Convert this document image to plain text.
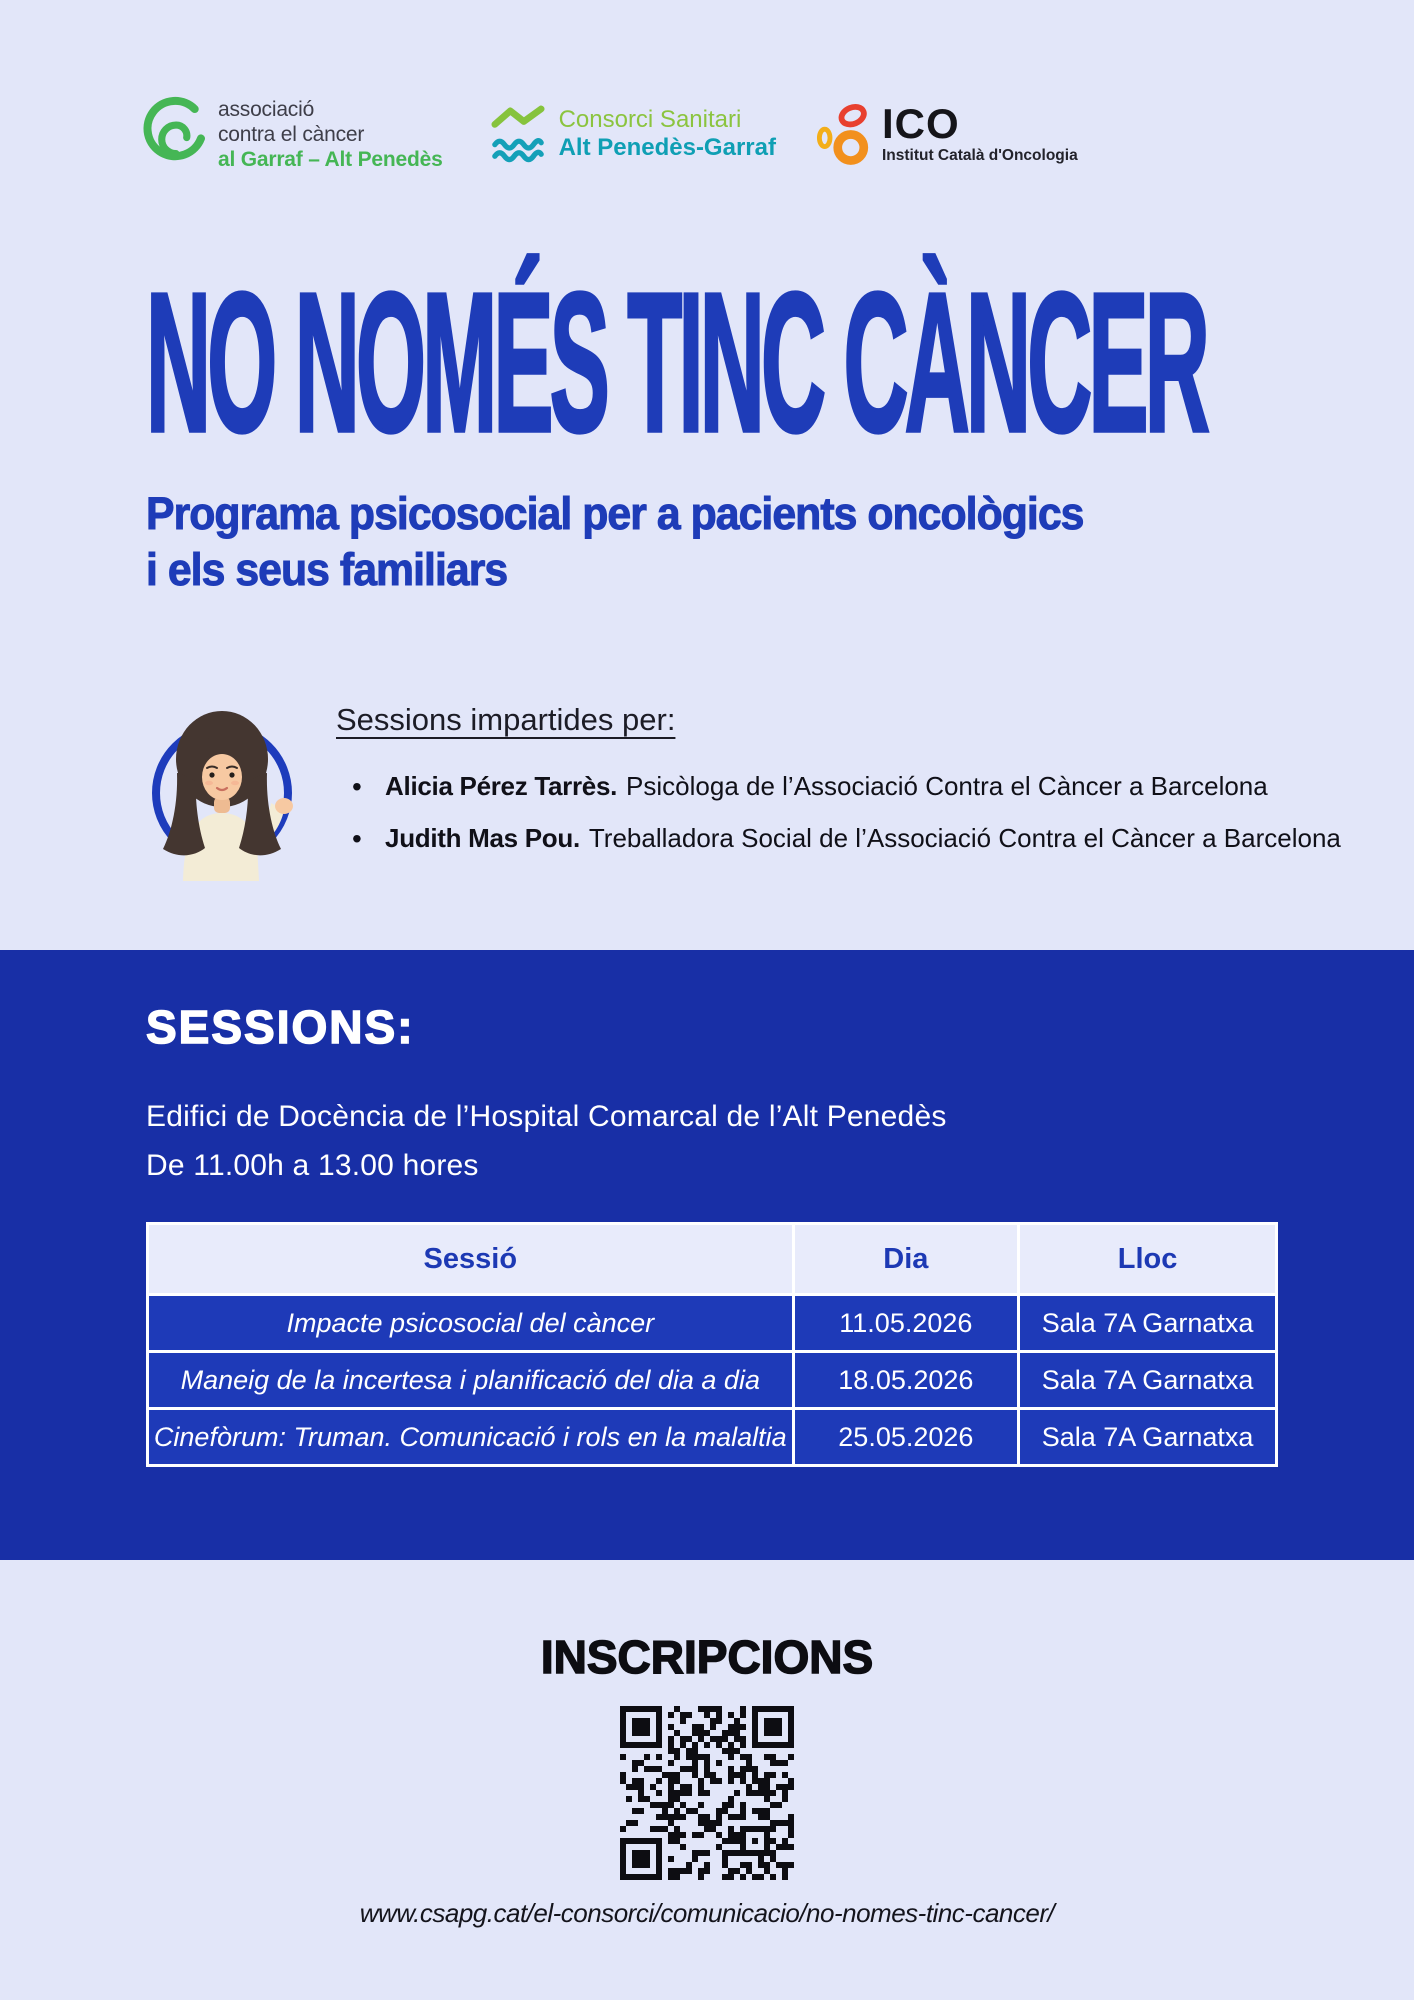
associació
contra el càncer
al Garraf – Alt Penedès
Consorci Sanitari
Alt Penedès-Garraf
ICO
Institut Català d'Oncologia
NO NOMÉS TINC CÀNCER
Programa psicosocial per a pacients oncològics
i els seus familiars
Sessions impartides per:
• Alicia Pérez Tarrès. Psicòloga de l’Associació Contra el Càncer a Barcelona
• Judith Mas Pou. Treballadora Social de l’Associació Contra el Càncer a Barcelona
SESSIONS:
Edifici de Docència de l’Hospital Comarcal de l’Alt Penedès
De 11.00h a 13.00 hores
Sessió	Dia	Lloc
Impacte psicosocial del càncer	11.05.2026	Sala 7A Garnatxa
Maneig de la incertesa i planificació del dia a dia	18.05.2026	Sala 7A Garnatxa
Cinefòrum: Truman. Comunicació i rols en la malaltia	25.05.2026	Sala 7A Garnatxa
INSCRIPCIONS
www.csapg.cat/el-consorci/comunicacio/no-nomes-tinc-cancer/
